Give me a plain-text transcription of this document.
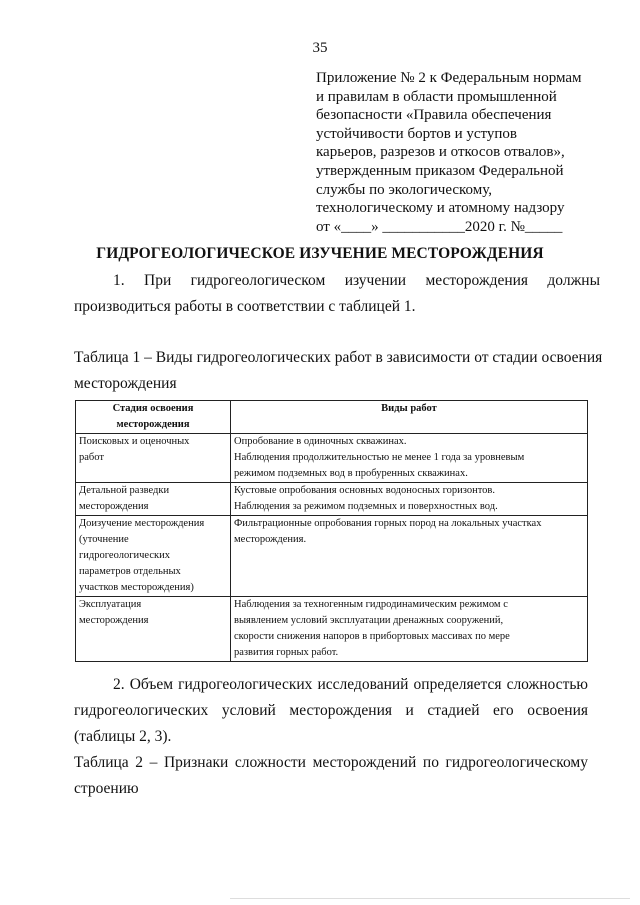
35
Приложение № 2 к Федеральным нормам
и правилам в области промышленной
безопасности «Правила обеспечения
устойчивости бортов и уступов
карьеров, разрезов и откосов отвалов»,
утвержденным приказом Федеральной
службы по экологическому,
технологическому и атомному надзору
от «____» ___________2020 г. №_____
ГИДРОГЕОЛОГИЧЕСКОЕ ИЗУЧЕНИЕ МЕСТОРОЖДЕНИЯ
1.     При     гидрогеологическом     изучении     месторождения     должны
производиться работы в соответствии с таблицей 1.
Таблица 1 – Виды гидрогеологических работ в зависимости от стадии освоения
месторождения
Стадия освоения
месторождения	Виды работ

Поисковых и оценочных
работ	Опробование в одиночных скважинах.
Наблюдения продолжительностью не менее 1 года за уровневым
режимом подземных вод в пробуренных скважинах.

Детальной разведки
месторождения	Кустовые опробования основных водоносных горизонтов.
Наблюдения за режимом подземных и поверхностных вод.

Доизучение месторождения
(уточнение
гидрогеологических
параметров отдельных
участков месторождения)	Фильтрационные опробования горных пород на локальных участках
месторождения.

Эксплуатация
месторождения	Наблюдения за техногенным гидродинамическим режимом с
выявлением условий эксплуатации дренажных сооружений,
скорости снижения напоров в прибортовых массивах по мере
развития горных работ.
2. Объем гидрогеологических исследований определяется сложностью
гидрогеологических условий месторождения и стадией его освоения
(таблицы 2, 3).
Таблица 2 – Признаки сложности месторождений по гидрогеологическому
строению
